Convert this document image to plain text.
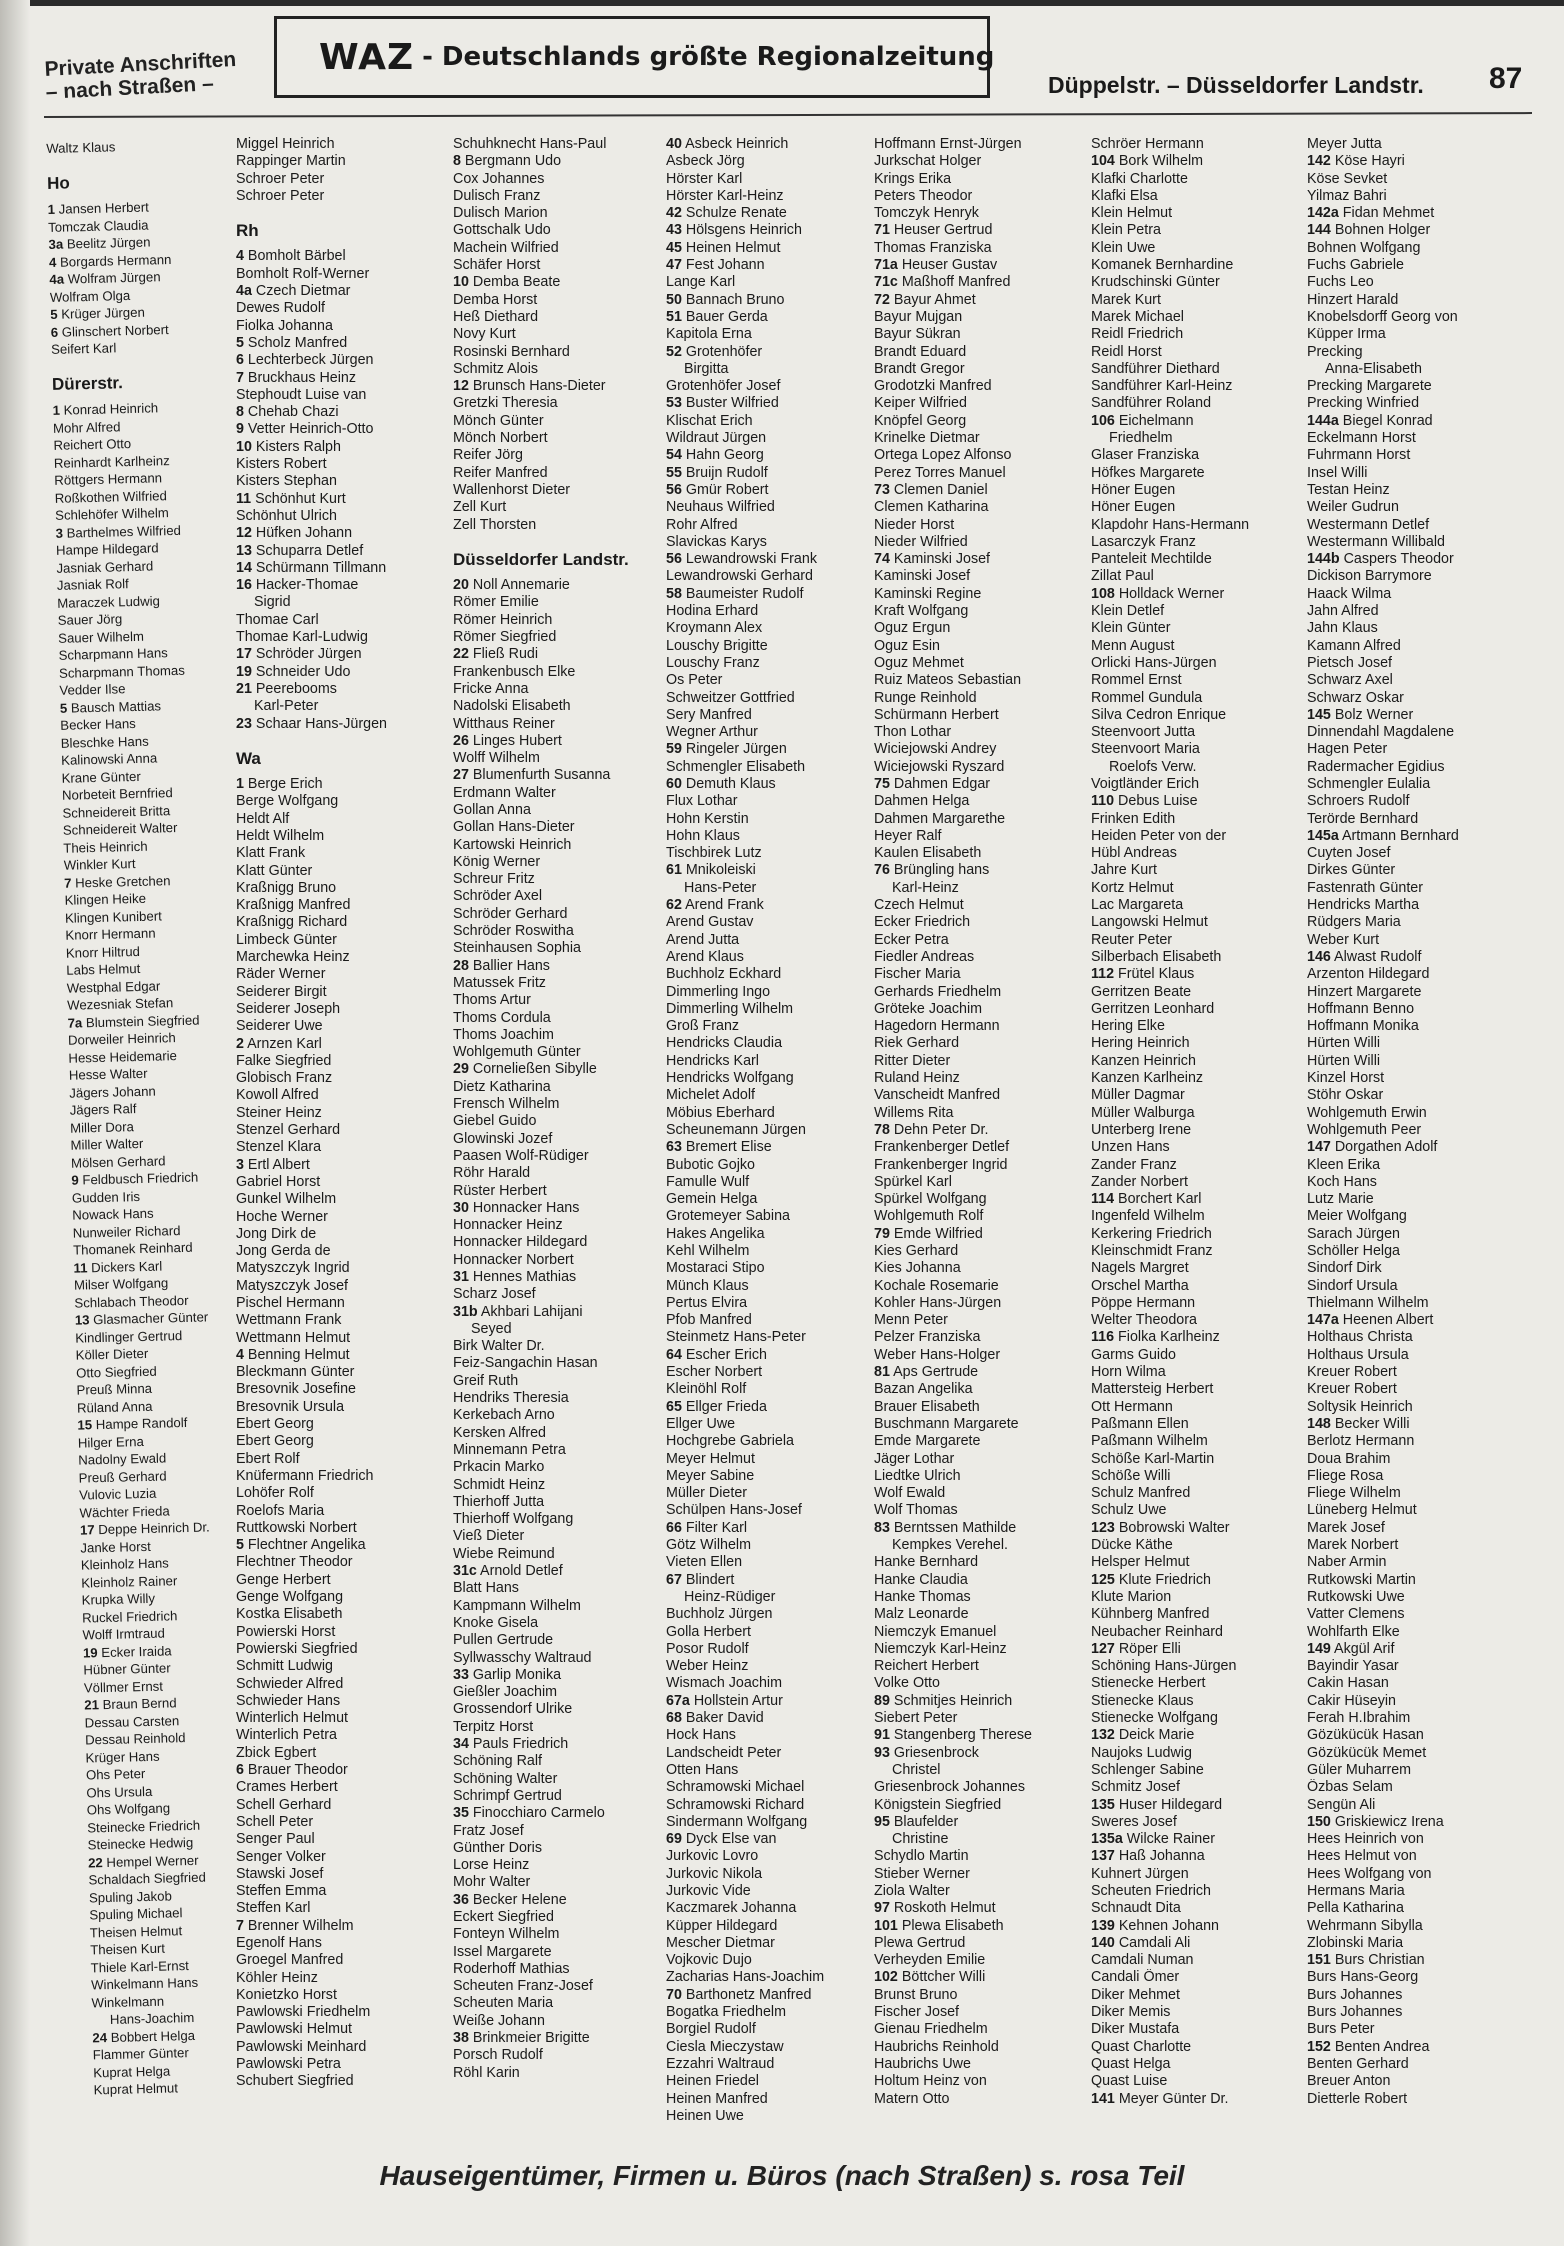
Private Anschriften
– nach Straßen –
WAZ - Deutschlands größte Regionalzeitung
Düppelstr. – Düsseldorfer Landstr. 87
Waltz Klaus
Ho
1 Jansen Herbert
Tomczak Claudia
3a Beelitz Jürgen
4 Borgards Hermann
4a Wolfram Jürgen
Wolfram Olga
5 Krüger Jürgen
6 Glinschert Norbert
Seifert Karl
Dürerstr.
1 Konrad Heinrich
Mohr Alfred
Reichert Otto
Reinhardt Karlheinz
Röttgers Hermann
Roßkothen Wilfried
Schlehöfer Wilhelm
3 Barthelmes Wilfried
Hampe Hildegard
Jasniak Gerhard
Jasniak Rolf
Maraczek Ludwig
Sauer Jörg
Sauer Wilhelm
Scharpmann Hans
Scharpmann Thomas
Vedder Ilse
5 Bausch Mattias
Becker Hans
Bleschke Hans
Kalinowski Anna
Krane Günter
Norbeteit Bernfried
Schneidereit Britta
Schneidereit Walter
Theis Heinrich
Winkler Kurt
7 Heske Gretchen
Klingen Heike
Klingen Kunibert
Knorr Hermann
Knorr Hiltrud
Labs Helmut
Westphal Edgar
Wezesniak Stefan
7a Blumstein Siegfried
Dorweiler Heinrich
Hesse Heidemarie
Hesse Walter
Jägers Johann
Jägers Ralf
Miller Dora
Miller Walter
Mölsen Gerhard
9 Feldbusch Friedrich
Gudden Iris
Nowack Hans
Nunweiler Richard
Thomanek Reinhard
11 Dickers Karl
Milser Wolfgang
Schlabach Theodor
13 Glasmacher Günter
Kindlinger Gertrud
Köller Dieter
Otto Siegfried
Preuß Minna
Rüland Anna
15 Hampe Randolf
Hilger Erna
Nadolny Ewald
Preuß Gerhard
Vulovic Luzia
Wächter Frieda
17 Deppe Heinrich Dr.
Janke Horst
Kleinholz Hans
Kleinholz Rainer
Krupka Willy
Ruckel Friedrich
Wolff Irmtraud
19 Ecker Iraida
Hübner Günter
Völlmer Ernst
21 Braun Bernd
Dessau Carsten
Dessau Reinhold
Krüger Hans
Ohs Peter
Ohs Ursula
Ohs Wolfgang
Steinecke Friedrich
Steinecke Hedwig
22 Hempel Werner
Schaldach Siegfried
Spuling Jakob
Spuling Michael
Theisen Helmut
Theisen Kurt
Thiele Karl-Ernst
Winkelmann Hans
Winkelmann
Hans-Joachim
24 Bobbert Helga
Flammer Günter
Kuprat Helga
Kuprat Helmut
Miggel Heinrich
Rappinger Martin
Schroer Peter
Schroer Peter
Rh
4 Bomholt Bärbel
Bomholt Rolf-Werner
4a Czech Dietmar
Dewes Rudolf
Fiolka Johanna
5 Scholz Manfred
6 Lechterbeck Jürgen
7 Bruckhaus Heinz
Stephoudt Luise van
8 Chehab Chazi
9 Vetter Heinrich-Otto
10 Kisters Ralph
Kisters Robert
Kisters Stephan
11 Schönhut Kurt
Schönhut Ulrich
12 Hüfken Johann
13 Schuparra Detlef
14 Schürmann Tillmann
16 Hacker-Thomae
Sigrid
Thomae Carl
Thomae Karl-Ludwig
17 Schröder Jürgen
19 Schneider Udo
21 Peerebooms
Karl-Peter
23 Schaar Hans-Jürgen
Wa
1 Berge Erich
Berge Wolfgang
Heldt Alf
Heldt Wilhelm
Klatt Frank
Klatt Günter
Kraßnigg Bruno
Kraßnigg Manfred
Kraßnigg Richard
Limbeck Günter
Marchewka Heinz
Räder Werner
Seiderer Birgit
Seiderer Joseph
Seiderer Uwe
2 Arnzen Karl
Falke Siegfried
Globisch Franz
Kowoll Alfred
Steiner Heinz
Stenzel Gerhard
Stenzel Klara
3 Ertl Albert
Gabriel Horst
Gunkel Wilhelm
Hoche Werner
Jong Dirk de
Jong Gerda de
Matyszczyk Ingrid
Matyszczyk Josef
Pischel Hermann
Wettmann Frank
Wettmann Helmut
4 Benning Helmut
Bleckmann Günter
Bresovnik Josefine
Bresovnik Ursula
Ebert Georg
Ebert Georg
Ebert Rolf
Knüfermann Friedrich
Lohöfer Rolf
Roelofs Maria
Ruttkowski Norbert
5 Flechtner Angelika
Flechtner Theodor
Genge Herbert
Genge Wolfgang
Kostka Elisabeth
Powierski Horst
Powierski Siegfried
Schmitt Ludwig
Schwieder Alfred
Schwieder Hans
Winterlich Helmut
Winterlich Petra
Zbick Egbert
6 Brauer Theodor
Crames Herbert
Schell Gerhard
Schell Peter
Senger Paul
Senger Volker
Stawski Josef
Steffen Emma
Steffen Karl
7 Brenner Wilhelm
Egenolf Hans
Groegel Manfred
Köhler Heinz
Konietzko Horst
Pawlowski Friedhelm
Pawlowski Helmut
Pawlowski Meinhard
Pawlowski Petra
Schubert Siegfried
Schuhknecht Hans-Paul
8 Bergmann Udo
Cox Johannes
Dulisch Franz
Dulisch Marion
Gottschalk Udo
Machein Wilfried
Schäfer Horst
10 Demba Beate
Demba Horst
Heß Diethard
Novy Kurt
Rosinski Bernhard
Schmitz Alois
12 Brunsch Hans-Dieter
Gretzki Theresia
Mönch Günter
Mönch Norbert
Reifer Jörg
Reifer Manfred
Wallenhorst Dieter
Zell Kurt
Zell Thorsten
Düsseldorfer Landstr.
20 Noll Annemarie
Römer Emilie
Römer Heinrich
Römer Siegfried
22 Fließ Rudi
Frankenbusch Elke
Fricke Anna
Nadolski Elisabeth
Witthaus Reiner
26 Linges Hubert
Wolff Wilhelm
27 Blumenfurth Susanna
Erdmann Walter
Gollan Anna
Gollan Hans-Dieter
Kartowski Heinrich
König Werner
Schreur Fritz
Schröder Axel
Schröder Gerhard
Schröder Roswitha
Steinhausen Sophia
28 Ballier Hans
Matussek Fritz
Thoms Artur
Thoms Cordula
Thoms Joachim
Wohlgemuth Günter
29 Corneließen Sibylle
Dietz Katharina
Frensch Wilhelm
Giebel Guido
Glowinski Jozef
Paasen Wolf-Rüdiger
Röhr Harald
Rüster Herbert
30 Honnacker Hans
Honnacker Heinz
Honnacker Hildegard
Honnacker Norbert
31 Hennes Mathias
Scharz Josef
31b Akhbari Lahijani
Seyed
Birk Walter Dr.
Feiz-Sangachin Hasan
Greif Ruth
Hendriks Theresia
Kerkebach Arno
Kersken Alfred
Minnemann Petra
Prkacin Marko
Schmidt Heinz
Thierhoff Jutta
Thierhoff Wolfgang
Vieß Dieter
Wiebe Reimund
31c Arnold Detlef
Blatt Hans
Kampmann Wilhelm
Knoke Gisela
Pullen Gertrude
Syllwasschy Waltraud
33 Garlip Monika
Gießler Joachim
Grossendorf Ulrike
Terpitz Horst
34 Pauls Friedrich
Schöning Ralf
Schöning Walter
Schrimpf Gertrud
35 Finocchiaro Carmelo
Fratz Josef
Günther Doris
Lorse Heinz
Mohr Walter
36 Becker Helene
Eckert Siegfried
Fonteyn Wilhelm
Issel Margarete
Roderhoff Mathias
Scheuten Franz-Josef
Scheuten Maria
Weiße Johann
38 Brinkmeier Brigitte
Porsch Rudolf
Röhl Karin
40 Asbeck Heinrich
Asbeck Jörg
Hörster Karl
Hörster Karl-Heinz
42 Schulze Renate
43 Hölsgens Heinrich
45 Heinen Helmut
47 Fest Johann
Lange Karl
50 Bannach Bruno
51 Bauer Gerda
Kapitola Erna
52 Grotenhöfer
Birgitta
Grotenhöfer Josef
53 Buster Wilfried
Klischat Erich
Wildraut Jürgen
54 Hahn Georg
55 Bruijn Rudolf
56 Gmür Robert
Neuhaus Wilfried
Rohr Alfred
Slavickas Karys
56 Lewandrowski Frank
Lewandrowski Gerhard
58 Baumeister Rudolf
Hodina Erhard
Kroymann Alex
Louschy Brigitte
Louschy Franz
Os Peter
Schweitzer Gottfried
Sery Manfred
Wegner Arthur
59 Ringeler Jürgen
Schmengler Elisabeth
60 Demuth Klaus
Flux Lothar
Hohn Kerstin
Hohn Klaus
Tischbirek Lutz
61 Mnikoleiski
Hans-Peter
62 Arend Frank
Arend Gustav
Arend Jutta
Arend Klaus
Buchholz Eckhard
Dimmerling Ingo
Dimmerling Wilhelm
Groß Franz
Hendricks Claudia
Hendricks Karl
Hendricks Wolfgang
Michelet Adolf
Möbius Eberhard
Scheunemann Jürgen
63 Bremert Elise
Bubotic Gojko
Famulle Wulf
Gemein Helga
Grotemeyer Sabina
Hakes Angelika
Kehl Wilhelm
Mostaraci Stipo
Münch Klaus
Pertus Elvira
Pfob Manfred
Steinmetz Hans-Peter
64 Escher Erich
Escher Norbert
Kleinöhl Rolf
65 Ellger Frieda
Ellger Uwe
Hochgrebe Gabriela
Meyer Helmut
Meyer Sabine
Müller Dieter
Schülpen Hans-Josef
66 Filter Karl
Götz Wilhelm
Vieten Ellen
67 Blindert
Heinz-Rüdiger
Buchholz Jürgen
Golla Herbert
Posor Rudolf
Weber Heinz
Wismach Joachim
67a Hollstein Artur
68 Baker David
Hock Hans
Landscheidt Peter
Otten Hans
Schramowski Michael
Schramowski Richard
Sindermann Wolfgang
69 Dyck Else van
Jurkovic Lovro
Jurkovic Nikola
Jurkovic Vide
Kaczmarek Johanna
Küpper Hildegard
Mescher Dietmar
Vojkovic Dujo
Zacharias Hans-Joachim
70 Barthonetz Manfred
Bogatka Friedhelm
Borgiel Rudolf
Ciesla Mieczystaw
Ezzahri Waltraud
Heinen Friedel
Heinen Manfred
Heinen Uwe
Hoffmann Ernst-Jürgen
Jurkschat Holger
Krings Erika
Peters Theodor
Tomczyk Henryk
71 Heuser Gertrud
Thomas Franziska
71a Heuser Gustav
71c Maßhoff Manfred
72 Bayur Ahmet
Bayur Mujgan
Bayur Sükran
Brandt Eduard
Brandt Gregor
Grodotzki Manfred
Keiper Wilfried
Knöpfel Georg
Krinelke Dietmar
Ortega Lopez Alfonso
Perez Torres Manuel
73 Clemen Daniel
Clemen Katharina
Nieder Horst
Nieder Wilfried
74 Kaminski Josef
Kaminski Josef
Kaminski Regine
Kraft Wolfgang
Oguz Ergun
Oguz Esin
Oguz Mehmet
Ruiz Mateos Sebastian
Runge Reinhold
Schürmann Herbert
Thon Lothar
Wiciejowski Andrey
Wiciejowski Ryszard
75 Dahmen Edgar
Dahmen Helga
Dahmen Margarethe
Heyer Ralf
Kaulen Elisabeth
76 Brüngling hans
Karl-Heinz
Czech Helmut
Ecker Friedrich
Ecker Petra
Fiedler Andreas
Fischer Maria
Gerhards Friedhelm
Gröteke Joachim
Hagedorn Hermann
Riek Gerhard
Ritter Dieter
Ruland Heinz
Vanscheidt Manfred
Willems Rita
78 Dehn Peter Dr.
Frankenberger Detlef
Frankenberger Ingrid
Spürkel Karl
Spürkel Wolfgang
Wohlgemuth Rolf
79 Emde Wilfried
Kies Gerhard
Kies Johanna
Kochale Rosemarie
Kohler Hans-Jürgen
Menn Peter
Pelzer Franziska
Weber Hans-Holger
81 Aps Gertrude
Bazan Angelika
Brauer Elisabeth
Buschmann Margarete
Emde Margarete
Jäger Lothar
Liedtke Ulrich
Wolf Ewald
Wolf Thomas
83 Berntssen Mathilde
Kempkes Verehel.
Hanke Bernhard
Hanke Claudia
Hanke Thomas
Malz Leonarde
Niemczyk Emanuel
Niemczyk Karl-Heinz
Reichert Herbert
Volke Otto
89 Schmitjes Heinrich
Siebert Peter
91 Stangenberg Therese
93 Griesenbrock
Christel
Griesenbrock Johannes
Königstein Siegfried
95 Blaufelder
Christine
Schydlo Martin
Stieber Werner
Ziola Walter
97 Roskoth Helmut
101 Plewa Elisabeth
Plewa Gertrud
Verheyden Emilie
102 Böttcher Willi
Brunst Bruno
Fischer Josef
Gienau Friedhelm
Haubrichs Reinhold
Haubrichs Uwe
Holtum Heinz von
Matern Otto
Schröer Hermann
104 Bork Wilhelm
Klafki Charlotte
Klafki Elsa
Klein Helmut
Klein Petra
Klein Uwe
Komanek Bernhardine
Krudschinski Günter
Marek Kurt
Marek Michael
Reidl Friedrich
Reidl Horst
Sandführer Diethard
Sandführer Karl-Heinz
Sandführer Roland
106 Eichelmann
Friedhelm
Glaser Franziska
Höfkes Margarete
Höner Eugen
Höner Eugen
Klapdohr Hans-Hermann
Lasarczyk Franz
Panteleit Mechtilde
Zillat Paul
108 Holldack Werner
Klein Detlef
Klein Günter
Menn August
Orlicki Hans-Jürgen
Rommel Ernst
Rommel Gundula
Silva Cedron Enrique
Steenvoort Jutta
Steenvoort Maria
Roelofs Verw.
Voigtländer Erich
110 Debus Luise
Frinken Edith
Heiden Peter von der
Hübl Andreas
Jahre Kurt
Kortz Helmut
Lac Margareta
Langowski Helmut
Reuter Peter
Silberbach Elisabeth
112 Frütel Klaus
Gerritzen Beate
Gerritzen Leonhard
Hering Elke
Hering Heinrich
Kanzen Heinrich
Kanzen Karlheinz
Müller Dagmar
Müller Walburga
Unterberg Irene
Unzen Hans
Zander Franz
Zander Norbert
114 Borchert Karl
Ingenfeld Wilhelm
Kerkering Friedrich
Kleinschmidt Franz
Nagels Margret
Orschel Martha
Pöppe Hermann
Welter Theodora
116 Fiolka Karlheinz
Garms Guido
Horn Wilma
Mattersteig Herbert
Ott Hermann
Paßmann Ellen
Paßmann Wilhelm
Schöße Karl-Martin
Schöße Willi
Schulz Manfred
Schulz Uwe
123 Bobrowski Walter
Dücke Käthe
Helsper Helmut
125 Klute Friedrich
Klute Marion
Kühnberg Manfred
Neubacher Reinhard
127 Röper Elli
Schöning Hans-Jürgen
Stienecke Herbert
Stienecke Klaus
Stienecke Wolfgang
132 Deick Marie
Naujoks Ludwig
Schlenger Sabine
Schmitz Josef
135 Huser Hildegard
Sweres Josef
135a Wilcke Rainer
137 Haß Johanna
Kuhnert Jürgen
Scheuten Friedrich
Schnaudt Dita
139 Kehnen Johann
140 Camdali Ali
Camdali Numan
Candali Ömer
Diker Mehmet
Diker Memis
Diker Mustafa
Quast Charlotte
Quast Helga
Quast Luise
141 Meyer Günter Dr.
Meyer Jutta
142 Köse Hayri
Köse Sevket
Yilmaz Bahri
142a Fidan Mehmet
144 Bohnen Holger
Bohnen Wolfgang
Fuchs Gabriele
Fuchs Leo
Hinzert Harald
Knobelsdorff Georg von
Küpper Irma
Precking
Anna-Elisabeth
Precking Margarete
Precking Winfried
144a Biegel Konrad
Eckelmann Horst
Fuhrmann Horst
Insel Willi
Testan Heinz
Weiler Gudrun
Westermann Detlef
Westermann Willibald
144b Caspers Theodor
Dickison Barrymore
Haack Wilma
Jahn Alfred
Jahn Klaus
Kamann Alfred
Pietsch Josef
Schwarz Axel
Schwarz Oskar
145 Bolz Werner
Dinnendahl Magdalene
Hagen Peter
Radermacher Egidius
Schmengler Eulalia
Schroers Rudolf
Terörde Bernhard
145a Artmann Bernhard
Cuyten Josef
Dirkes Günter
Fastenrath Günter
Hendricks Martha
Rüdgers Maria
Weber Kurt
146 Alwast Rudolf
Arzenton Hildegard
Hinzert Margarete
Hoffmann Benno
Hoffmann Monika
Hürten Willi
Hürten Willi
Kinzel Horst
Stöhr Oskar
Wohlgemuth Erwin
Wohlgemuth Peer
147 Dorgathen Adolf
Kleen Erika
Koch Hans
Lutz Marie
Meier Wolfgang
Sarach Jürgen
Schöller Helga
Sindorf Dirk
Sindorf Ursula
Thielmann Wilhelm
147a Heenen Albert
Holthaus Christa
Holthaus Ursula
Kreuer Robert
Kreuer Robert
Soltysik Heinrich
148 Becker Willi
Berlotz Hermann
Doua Brahim
Fliege Rosa
Fliege Wilhelm
Lüneberg Helmut
Marek Josef
Marek Norbert
Naber Armin
Rutkowski Martin
Rutkowski Uwe
Vatter Clemens
Wohlfarth Elke
149 Akgül Arif
Bayindir Yasar
Cakin Hasan
Cakir Hüseyin
Ferah H.Ibrahim
Gözükücük Hasan
Gözükücük Memet
Güler Muharrem
Özbas Selam
Sengün Ali
150 Griskiewicz Irena
Hees Heinrich von
Hees Helmut von
Hees Wolfgang von
Hermans Maria
Pella Katharina
Wehrmann Sibylla
Zlobinski Maria
151 Burs Christian
Burs Hans-Georg
Burs Johannes
Burs Johannes
Burs Peter
152 Benten Andrea
Benten Gerhard
Breuer Anton
Dietterle Robert
Hauseigentümer, Firmen u. Büros (nach Straßen) s. rosa Teil
